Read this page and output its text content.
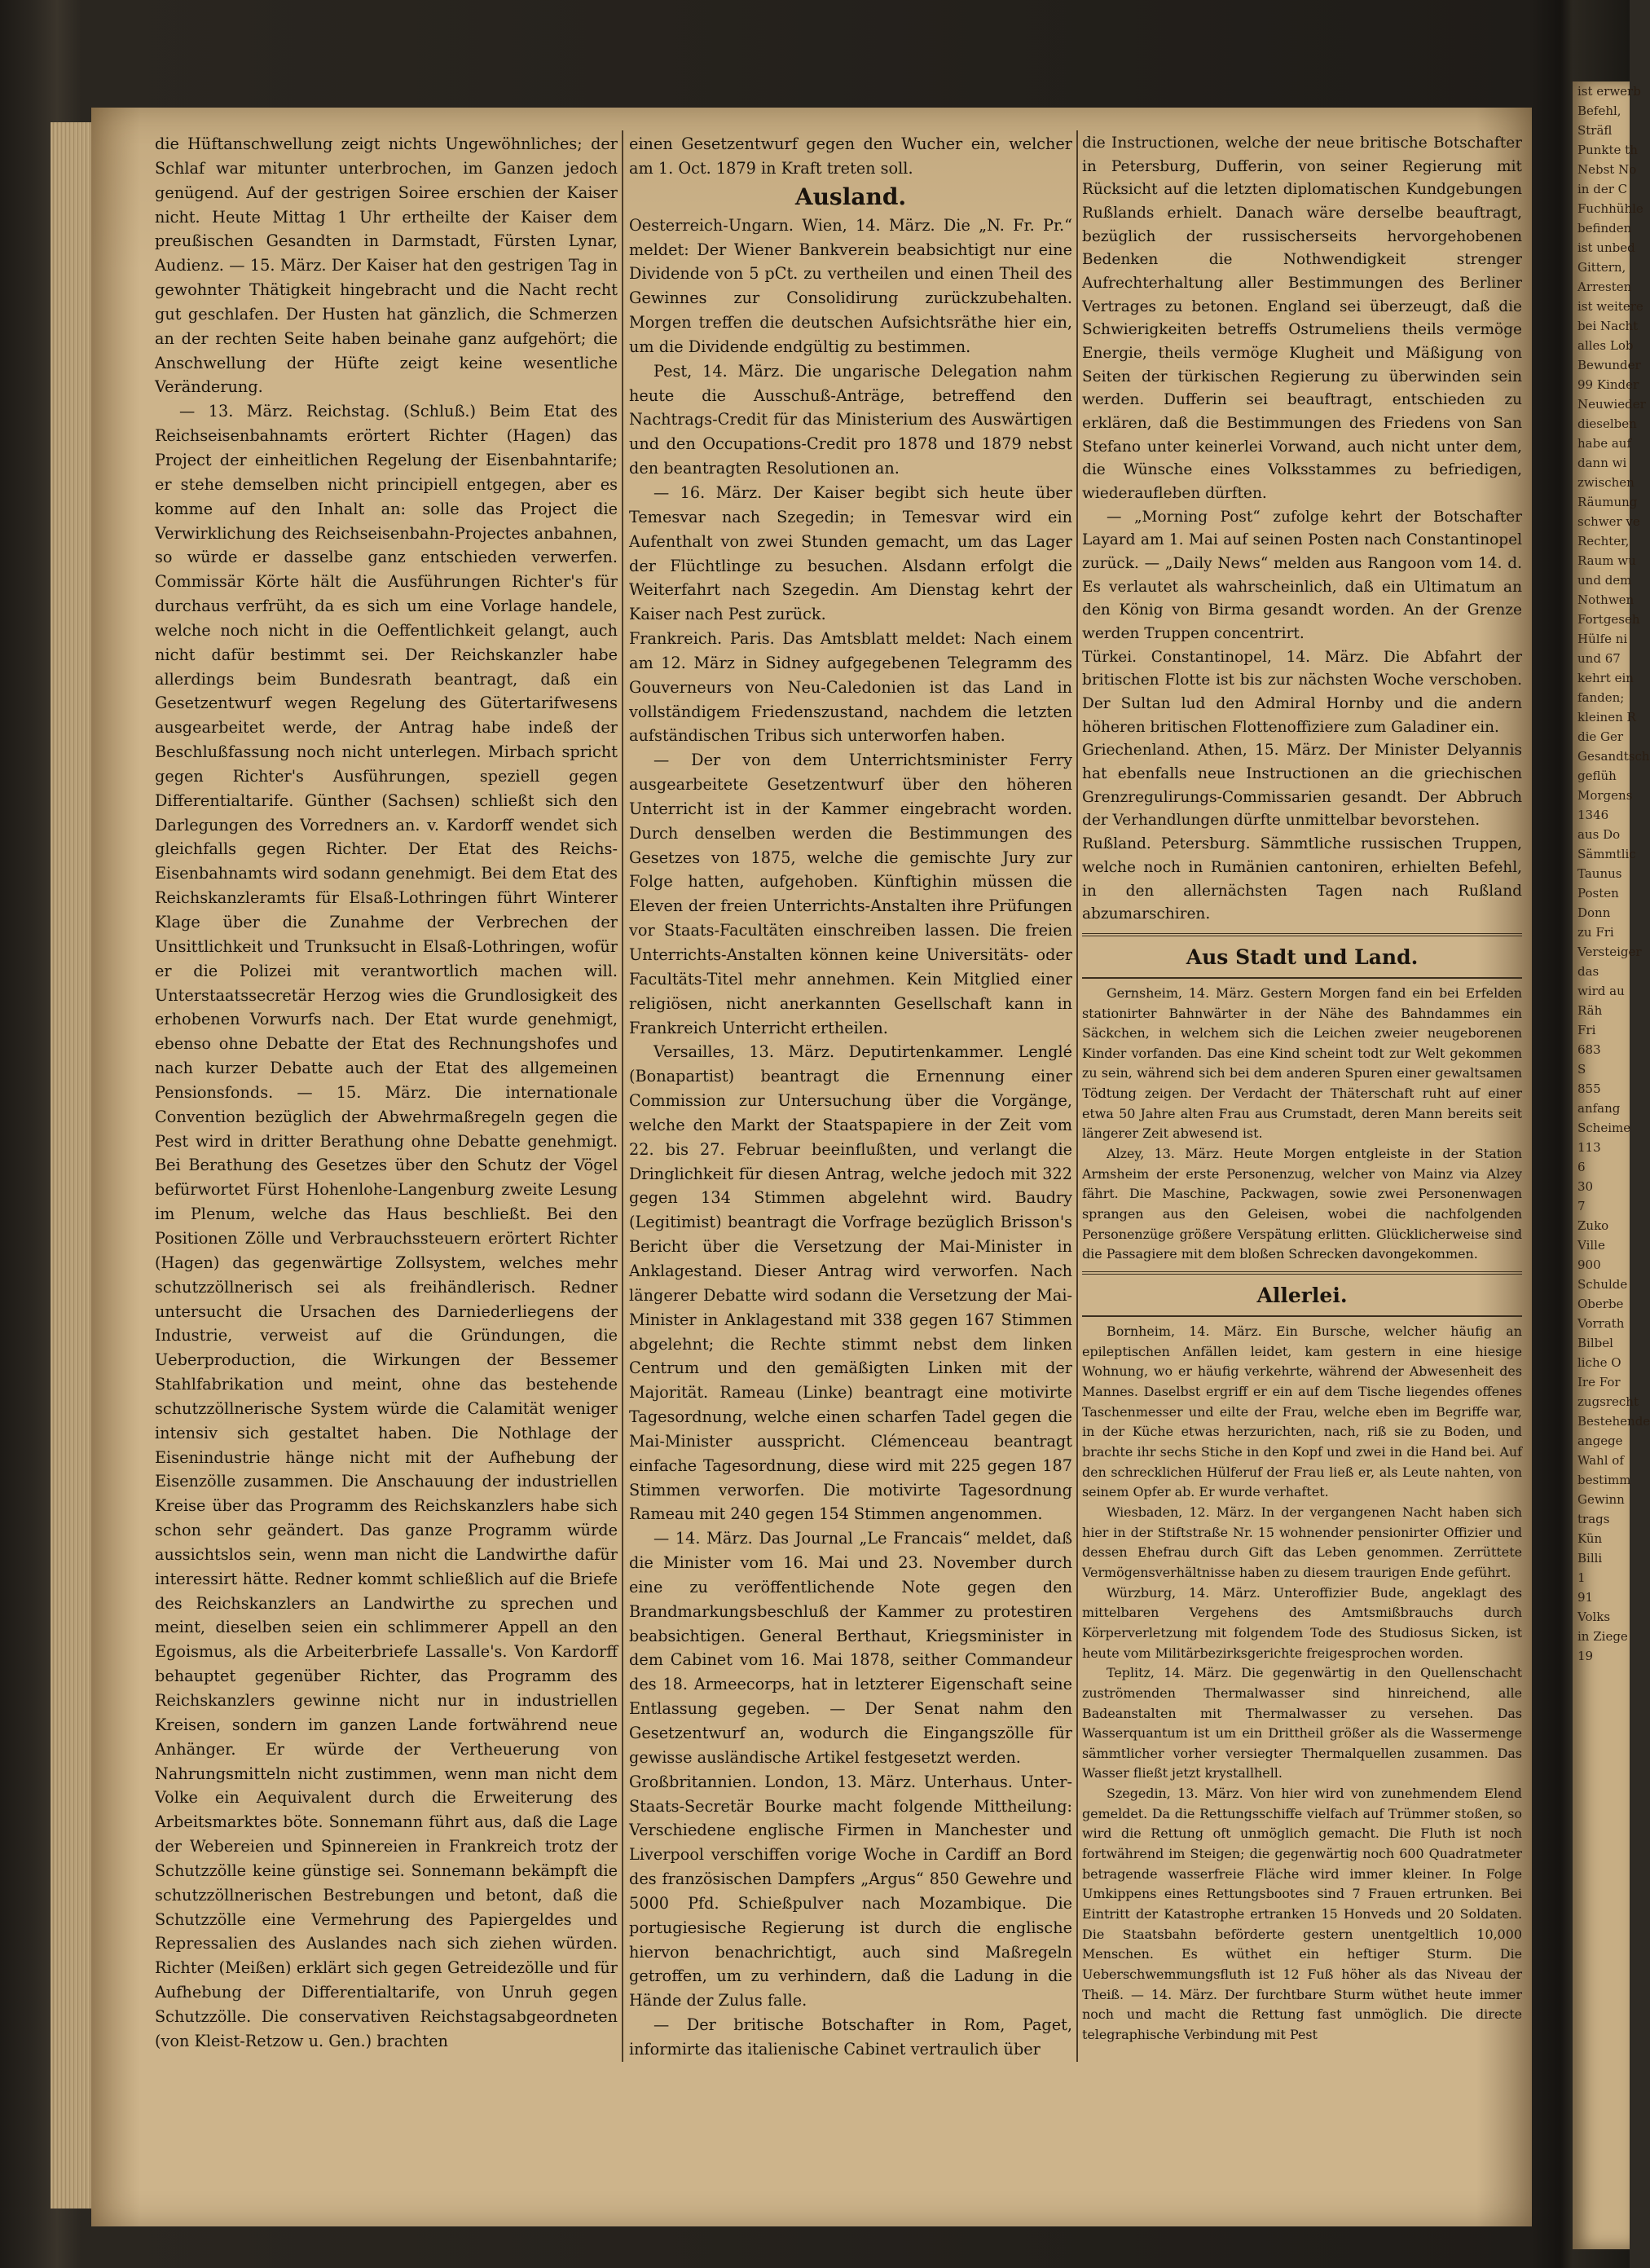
die Hüftanschwellung zeigt nichts Ungewöhnliches; der Schlaf war mitunter unterbrochen, im Ganzen jedoch genügend. Auf der gestrigen Soiree erschien der Kaiser nicht. Heute Mittag 1 Uhr ertheilte der Kaiser dem preußischen Gesandten in Darmstadt, Fürsten Lynar, Audienz. — 15. März. Der Kaiser hat den gestrigen Tag in gewohnter Thätigkeit hingebracht und die Nacht recht gut geschlafen. Der Husten hat gänzlich, die Schmerzen an der rechten Seite haben beinahe ganz aufgehört; die Anschwellung der Hüfte zeigt keine wesentliche Veränderung.

— 13. März. Reichstag. (Schluß.) Beim Etat des Reichseisenbahnamts erörtert Richter (Hagen) das Project der einheitlichen Regelung der Eisenbahntarife; er stehe demselben nicht principiell entgegen, aber es komme auf den Inhalt an: solle das Project die Verwirklichung des Reichseisenbahn-Projectes anbahnen, so würde er dasselbe ganz entschieden verwerfen. Commissär Körte hält die Ausführungen Richter's für durchaus verfrüht, da es sich um eine Vorlage handele, welche noch nicht in die Oeffentlichkeit gelangt, auch nicht dafür bestimmt sei. Der Reichskanzler habe allerdings beim Bundesrath beantragt, daß ein Gesetzentwurf wegen Regelung des Gütertarifwesens ausgearbeitet werde, der Antrag habe indeß der Beschlußfassung noch nicht unterlegen. Mirbach spricht gegen Richter's Ausführungen, speziell gegen Differentialtarife. Günther (Sachsen) schließt sich den Darlegungen des Vorredners an. v. Kardorff wendet sich gleichfalls gegen Richter. Der Etat des Reichs-Eisenbahnamts wird sodann genehmigt. Bei dem Etat des Reichskanzleramts für Elsaß-Lothringen führt Winterer Klage über die Zunahme der Verbrechen der Unsittlichkeit und Trunksucht in Elsaß-Lothringen, wofür er die Polizei mit verantwortlich machen will. Unterstaatssecretär Herzog wies die Grundlosigkeit des erhobenen Vorwurfs nach. Der Etat wurde genehmigt, ebenso ohne Debatte der Etat des Rechnungshofes und nach kurzer Debatte auch der Etat des allgemeinen Pensionsfonds. — 15. März. Die internationale Convention bezüglich der Abwehrmaßregeln gegen die Pest wird in dritter Berathung ohne Debatte genehmigt. Bei Berathung des Gesetzes über den Schutz der Vögel befürwortet Fürst Hohenlohe-Langenburg zweite Lesung im Plenum, welche das Haus beschließt. Bei den Positionen Zölle und Verbrauchssteuern erörtert Richter (Hagen) das gegenwärtige Zollsystem, welches mehr schutzzöllnerisch sei als freihändlerisch. Redner untersucht die Ursachen des Darniederliegens der Industrie, verweist auf die Gründungen, die Ueberproduction, die Wirkungen der Bessemer Stahlfabrikation und meint, ohne das bestehende schutzzöllnerische System würde die Calamität weniger intensiv sich gestaltet haben. Die Nothlage der Eisenindustrie hänge nicht mit der Aufhebung der Eisenzölle zusammen. Die Anschauung der industriellen Kreise über das Programm des Reichskanzlers habe sich schon sehr geändert. Das ganze Programm würde aussichtslos sein, wenn man nicht die Landwirthe dafür interessirt hätte. Redner kommt schließlich auf die Briefe des Reichskanzlers an Landwirthe zu sprechen und meint, dieselben seien ein schlimmerer Appell an den Egoismus, als die Arbeiterbriefe Lassalle's. Von Kardorff behauptet gegenüber Richter, das Programm des Reichskanzlers gewinne nicht nur in industriellen Kreisen, sondern im ganzen Lande fortwährend neue Anhänger. Er würde der Vertheuerung von Nahrungsmitteln nicht zustimmen, wenn man nicht dem Volke ein Aequivalent durch die Erweiterung des Arbeitsmarktes böte. Sonnemann führt aus, daß die Lage der Webereien und Spinnereien in Frankreich trotz der Schutzzölle keine günstige sei. Sonnemann bekämpft die schutzzöllnerischen Bestrebungen und betont, daß die Schutzzölle eine Vermehrung des Papiergeldes und Repressalien des Auslandes nach sich ziehen würden. Richter (Meißen) erklärt sich gegen Getreidezölle und für Aufhebung der Differentialtarife, von Unruh gegen Schutzzölle. Die conservativen Reichstagsabgeordneten (von Kleist-Retzow u. Gen.) brachten

einen Gesetzentwurf gegen den Wucher ein, welcher am 1. Oct. 1879 in Kraft treten soll.

Ausland.

Oesterreich-Ungarn. Wien, 14. März. Die „N. Fr. Pr.“ meldet: Der Wiener Bankverein beabsichtigt nur eine Dividende von 5 pCt. zu vertheilen und einen Theil des Gewinnes zur Consolidirung zurückzubehalten. Morgen treffen die deutschen Aufsichtsräthe hier ein, um die Dividende endgültig zu bestimmen.

Pest, 14. März. Die ungarische Delegation nahm heute die Ausschuß-Anträge, betreffend den Nachtrags-Credit für das Ministerium des Auswärtigen und den Occupations-Credit pro 1878 und 1879 nebst den beantragten Resolutionen an.

— 16. März. Der Kaiser begibt sich heute über Temesvar nach Szegedin; in Temesvar wird ein Aufenthalt von zwei Stunden gemacht, um das Lager der Flüchtlinge zu besuchen. Alsdann erfolgt die Weiterfahrt nach Szegedin. Am Dienstag kehrt der Kaiser nach Pest zurück.

Frankreich. Paris. Das Amtsblatt meldet: Nach einem am 12. März in Sidney aufgegebenen Telegramm des Gouverneurs von Neu-Caledonien ist das Land in vollständigem Friedenszustand, nachdem die letzten aufständischen Tribus sich unterworfen haben.

— Der von dem Unterrichtsminister Ferry ausgearbeitete Gesetzentwurf über den höheren Unterricht ist in der Kammer eingebracht worden. Durch denselben werden die Bestimmungen des Gesetzes von 1875, welche die gemischte Jury zur Folge hatten, aufgehoben. Künftighin müssen die Eleven der freien Unterrichts-Anstalten ihre Prüfungen vor Staats-Facultäten einschreiben lassen. Die freien Unterrichts-Anstalten können keine Universitäts- oder Facultäts-Titel mehr annehmen. Kein Mitglied einer religiösen, nicht anerkannten Gesellschaft kann in Frankreich Unterricht ertheilen.

Versailles, 13. März. Deputirtenkammer. Lenglé (Bonapartist) beantragt die Ernennung einer Commission zur Untersuchung über die Vorgänge, welche den Markt der Staatspapiere in der Zeit vom 22. bis 27. Februar beeinflußten, und verlangt die Dringlichkeit für diesen Antrag, welche jedoch mit 322 gegen 134 Stimmen abgelehnt wird. Baudry (Legitimist) beantragt die Vorfrage bezüglich Brisson's Bericht über die Versetzung der Mai-Minister in Anklagestand. Dieser Antrag wird verworfen. Nach längerer Debatte wird sodann die Versetzung der Mai-Minister in Anklagestand mit 338 gegen 167 Stimmen abgelehnt; die Rechte stimmt nebst dem linken Centrum und den gemäßigten Linken mit der Majorität. Rameau (Linke) beantragt eine motivirte Tagesordnung, welche einen scharfen Tadel gegen die Mai-Minister ausspricht. Clémenceau beantragt einfache Tagesordnung, diese wird mit 225 gegen 187 Stimmen verworfen. Die motivirte Tagesordnung Rameau mit 240 gegen 154 Stimmen angenommen.

— 14. März. Das Journal „Le Francais“ meldet, daß die Minister vom 16. Mai und 23. November durch eine zu veröffentlichende Note gegen den Brandmarkungsbeschluß der Kammer zu protestiren beabsichtigen. General Berthaut, Kriegsminister in dem Cabinet vom 16. Mai 1878, seither Commandeur des 18. Armeecorps, hat in letzterer Eigenschaft seine Entlassung gegeben. — Der Senat nahm den Gesetzentwurf an, wodurch die Eingangszölle für gewisse ausländische Artikel festgesetzt werden.

Großbritannien. London, 13. März. Unterhaus. Unter-Staats-Secretär Bourke macht folgende Mittheilung: Verschiedene englische Firmen in Manchester und Liverpool verschiffen vorige Woche in Cardiff an Bord des französischen Dampfers „Argus“ 850 Gewehre und 5000 Pfd. Schießpulver nach Mozambique. Die portugiesische Regierung ist durch die englische hiervon benachrichtigt, auch sind Maßregeln getroffen, um zu verhindern, daß die Ladung in die Hände der Zulus falle.

— Der britische Botschafter in Rom, Paget, informirte das italienische Cabinet vertraulich über

die Instructionen, welche der neue britische Botschafter in Petersburg, Dufferin, von seiner Regierung mit Rücksicht auf die letzten diplomatischen Kundgebungen Rußlands erhielt. Danach wäre derselbe beauftragt, bezüglich der russischerseits hervorgehobenen Bedenken die Nothwendigkeit strenger Aufrechterhaltung aller Bestimmungen des Berliner Vertrages zu betonen. England sei überzeugt, daß die Schwierigkeiten betreffs Ostrumeliens theils vermöge Energie, theils vermöge Klugheit und Mäßigung von Seiten der türkischen Regierung zu überwinden sein werden. Dufferin sei beauftragt, entschieden zu erklären, daß die Bestimmungen des Friedens von San Stefano unter keinerlei Vorwand, auch nicht unter dem, die Wünsche eines Volksstammes zu befriedigen, wiederaufleben dürften.

— „Morning Post“ zufolge kehrt der Botschafter Layard am 1. Mai auf seinen Posten nach Constantinopel zurück. — „Daily News“ melden aus Rangoon vom 14. d. Es verlautet als wahrscheinlich, daß ein Ultimatum an den König von Birma gesandt worden. An der Grenze werden Truppen concentrirt.

Türkei. Constantinopel, 14. März. Die Abfahrt der britischen Flotte ist bis zur nächsten Woche verschoben. Der Sultan lud den Admiral Hornby und die andern höheren britischen Flottenoffiziere zum Galadiner ein.

Griechenland. Athen, 15. März. Der Minister Delyannis hat ebenfalls neue Instructionen an die griechischen Grenzregulirungs-Commissarien gesandt. Der Abbruch der Verhandlungen dürfte unmittelbar bevorstehen.

Rußland. Petersburg. Sämmtliche russischen Truppen, welche noch in Rumänien cantoniren, erhielten Befehl, in den allernächsten Tagen nach Rußland abzumarschiren.

Aus Stadt und Land.

Gernsheim, 14. März. Gestern Morgen fand ein bei Erfelden stationirter Bahnwärter in der Nähe des Bahndammes ein Säckchen, in welchem sich die Leichen zweier neugeborenen Kinder vorfanden. Das eine Kind scheint todt zur Welt gekommen zu sein, während sich bei dem anderen Spuren einer gewaltsamen Tödtung zeigen. Der Verdacht der Thäterschaft ruht auf einer etwa 50 Jahre alten Frau aus Crumstadt, deren Mann bereits seit längerer Zeit abwesend ist.

Alzey, 13. März. Heute Morgen entgleiste in der Station Armsheim der erste Personenzug, welcher von Mainz via Alzey fährt. Die Maschine, Packwagen, sowie zwei Personenwagen sprangen aus den Geleisen, wobei die nachfolgenden Personenzüge größere Verspätung erlitten. Glücklicherweise sind die Passagiere mit dem bloßen Schrecken davongekommen.

Allerlei.

Bornheim, 14. März. Ein Bursche, welcher häufig an epileptischen Anfällen leidet, kam gestern in eine hiesige Wohnung, wo er häufig verkehrte, während der Abwesenheit des Mannes. Daselbst ergriff er ein auf dem Tische liegendes offenes Taschenmesser und eilte der Frau, welche eben im Begriffe war, in der Küche etwas herzurichten, nach, riß sie zu Boden, und brachte ihr sechs Stiche in den Kopf und zwei in die Hand bei. Auf den schrecklichen Hülferuf der Frau ließ er, als Leute nahten, von seinem Opfer ab. Er wurde verhaftet.

Wiesbaden, 12. März. In der vergangenen Nacht haben sich hier in der Stiftstraße Nr. 15 wohnender pensionirter Offizier und dessen Ehefrau durch Gift das Leben genommen. Zerrüttete Vermögensverhältnisse haben zu diesem traurigen Ende geführt.

Würzburg, 14. März. Unteroffizier Bude, angeklagt des mittelbaren Vergehens des Amtsmißbrauchs durch Körperverletzung mit folgendem Tode des Studiosus Sicken, ist heute vom Militärbezirksgerichte freigesprochen worden.

Teplitz, 14. März. Die gegenwärtig in den Quellenschacht zuströmenden Thermalwasser sind hinreichend, alle Badeanstalten mit Thermalwasser zu versehen. Das Wasserquantum ist um ein Drittheil größer als die Wassermenge sämmtlicher vorher versiegter Thermalquellen zusammen. Das Wasser fließt jetzt krystallhell.

Szegedin, 13. März. Von hier wird von zunehmendem Elend gemeldet. Da die Rettungsschiffe vielfach auf Trümmer stoßen, so wird die Rettung oft unmöglich gemacht. Die Fluth ist noch fortwährend im Steigen; die gegenwärtig noch 600 Quadratmeter betragende wasserfreie Fläche wird immer kleiner. In Folge Umkippens eines Rettungsbootes sind 7 Frauen ertrunken. Bei Eintritt der Katastrophe ertranken 15 Honveds und 20 Soldaten. Die Staatsbahn beförderte gestern unentgeltlich 10,000 Menschen. Es wüthet ein heftiger Sturm. Die Ueberschwemmungsfluth ist 12 Fuß höher als das Niveau der Theiß. — 14. März. Der furchtbare Sturm wüthet heute immer noch und macht die Rettung fast unmöglich. Die directe telegraphische Verbindung mit Pest

ist erwerb
Befehl,
Sträfl
Punkte th
Nebst No
in der C
Fuchhühle
befinden
ist unbed
Gittern,
Arresten
ist weitere
bei Nacht
alles Lob
Bewunder
99 Kinder
Neuwieder
dieselben
habe auf
dann wi
zwischen
Räumung
schwer ve
Rechter,
Raum wu
und dem
Nothwen
Fortgeseh
Hülfe ni
und 67
kehrt ein
fanden;
kleinen R
die Ger
Gesandtsch
geflüh
Morgens
1346
aus Do
Sämmtlic
Taunus
Posten
Donn
zu Fri
Versteiger
das
wird au
Räh
Fri
683
S
855
anfang
Scheime
113
6
30
7
Zuko
Ville
900
Schulde
Oberbe
Vorrath
Bilbel
liche O
Ire For
zugsrecht
Bestehende
angege
Wahl of
bestimm
Gewinn
trags
Kün
Billi
1
91
Volks
in Ziege
19
